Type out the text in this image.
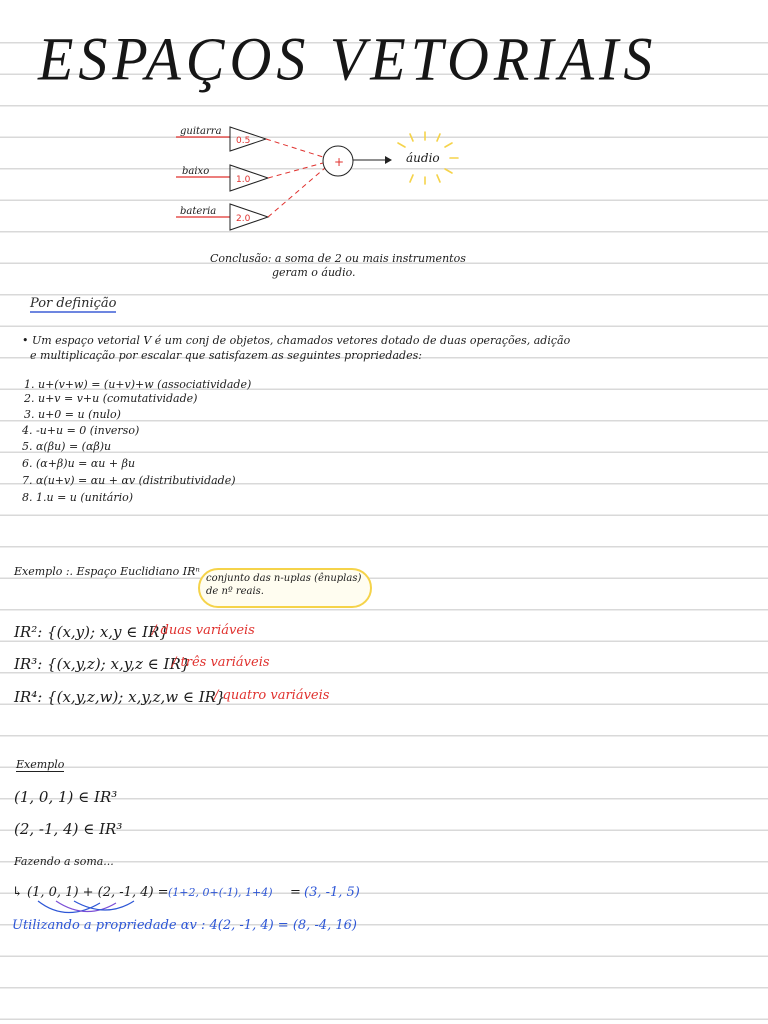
ESPAÇOS VETORIAIS
+
0.5
1.0
2.0
guitarra
baixo
bateria
áudio
Conclusão: a soma de 2 ou mais instrumentos
geram o áudio.
Por definição
• Um espaço vetorial V é um conj de objetos, chamados vetores dotado de duas operações, adição
e multiplicação por escalar que satisfazem as seguintes propriedades:
1. u+(v+w) = (u+v)+w (associatividade)
2. u+v = v+u (comutatividade)
3. u+0 = u (nulo)
4. -u+u = 0 (inverso)
5. α(βu) = (αβ)u
6. (α+β)u = αu + βu
7. α(u+v) = αu + αv (distributividade)
8. 1.u = u (unitário)
Exemplo :. Espaço Euclidiano IRⁿ
conjunto das n-uplas (ênuplas)
de nº reais.
IR²: {(x,y); x,y ∈ IR}
/ duas variáveis
IR³: {(x,y,z); x,y,z ∈ IR}
/ três variáveis
IR⁴: {(x,y,z,w); x,y,z,w ∈ IR}
/ quatro variáveis
Exemplo
(1, 0, 1) ∈ IR³
(2, -1, 4) ∈ IR³
Fazendo a soma...
↳ (1, 0, 1) + (2, -1, 4) = (1+2, 0+(-1), 1+4) = (3, -1, 5)
Utilizando a propriedade αv : 4(2, -1, 4) = (8, -4, 16)
